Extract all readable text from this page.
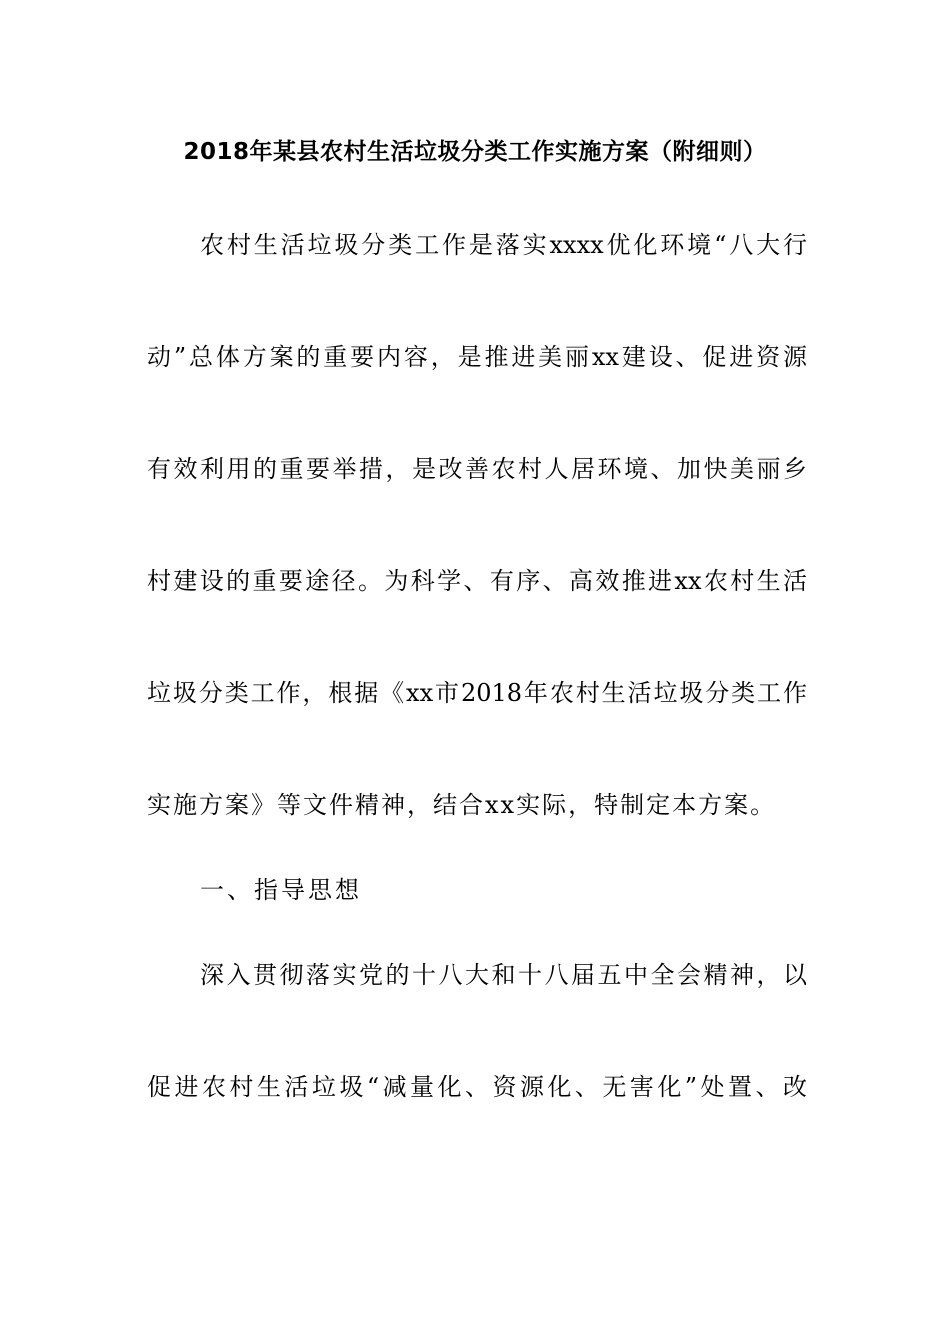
2018年某县农村生活垃圾分类工作实施方案（附细则）
农村生活垃圾分类工作是落实xxxx优化环境“八大行
动”总体方案的重要内容，是推进美丽xx建设、促进资源
有效利用的重要举措，是改善农村人居环境、加快美丽乡
村建设的重要途径。为科学、有序、高效推进xx农村生活
垃圾分类工作，根据《xx市2018年农村生活垃圾分类工作
实施方案》等文件精神，结合xx实际，特制定本方案。
一、指导思想
深入贯彻落实党的十八大和十八届五中全会精神，以
促进农村生活垃圾“减量化、资源化、无害化”处置、改
